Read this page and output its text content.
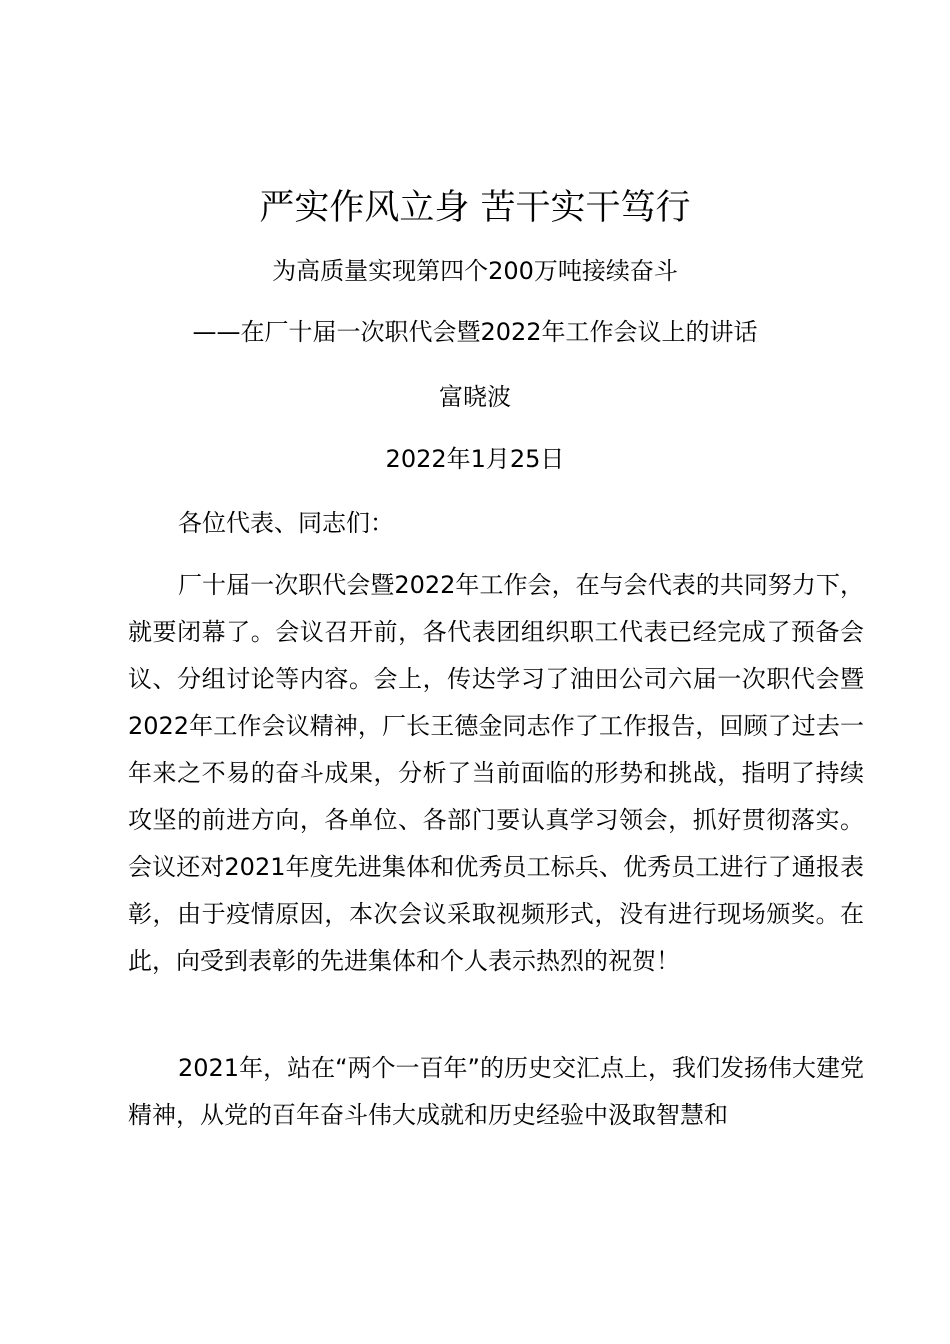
严实作风立身 苦干实干笃行
为高质量实现第四个200万吨接续奋斗
——在厂十届一次职代会暨2022年工作会议上的讲话
富晓波
2022年1月25日
各位代表、同志们：
厂十届一次职代会暨2022年工作会，在与会代表的共同努力下，就要闭幕了。会议召开前，各代表团组织职工代表已经完成了预备会议、分组讨论等内容。会上，传达学习了油田公司六届一次职代会暨2022年工作会议精神，厂长王德金同志作了工作报告，回顾了过去一年来之不易的奋斗成果，分析了当前面临的形势和挑战，指明了持续攻坚的前进方向，各单位、各部门要认真学习领会，抓好贯彻落实。会议还对2021年度先进集体和优秀员工标兵、优秀员工进行了通报表彰，由于疫情原因，本次会议采取视频形式，没有进行现场颁奖。在此，向受到表彰的先进集体和个人表示热烈的祝贺！
2021年，站在“两个一百年”的历史交汇点上，我们发扬伟大建党精神，从党的百年奋斗伟大成就和历史经验中汲取智慧和
